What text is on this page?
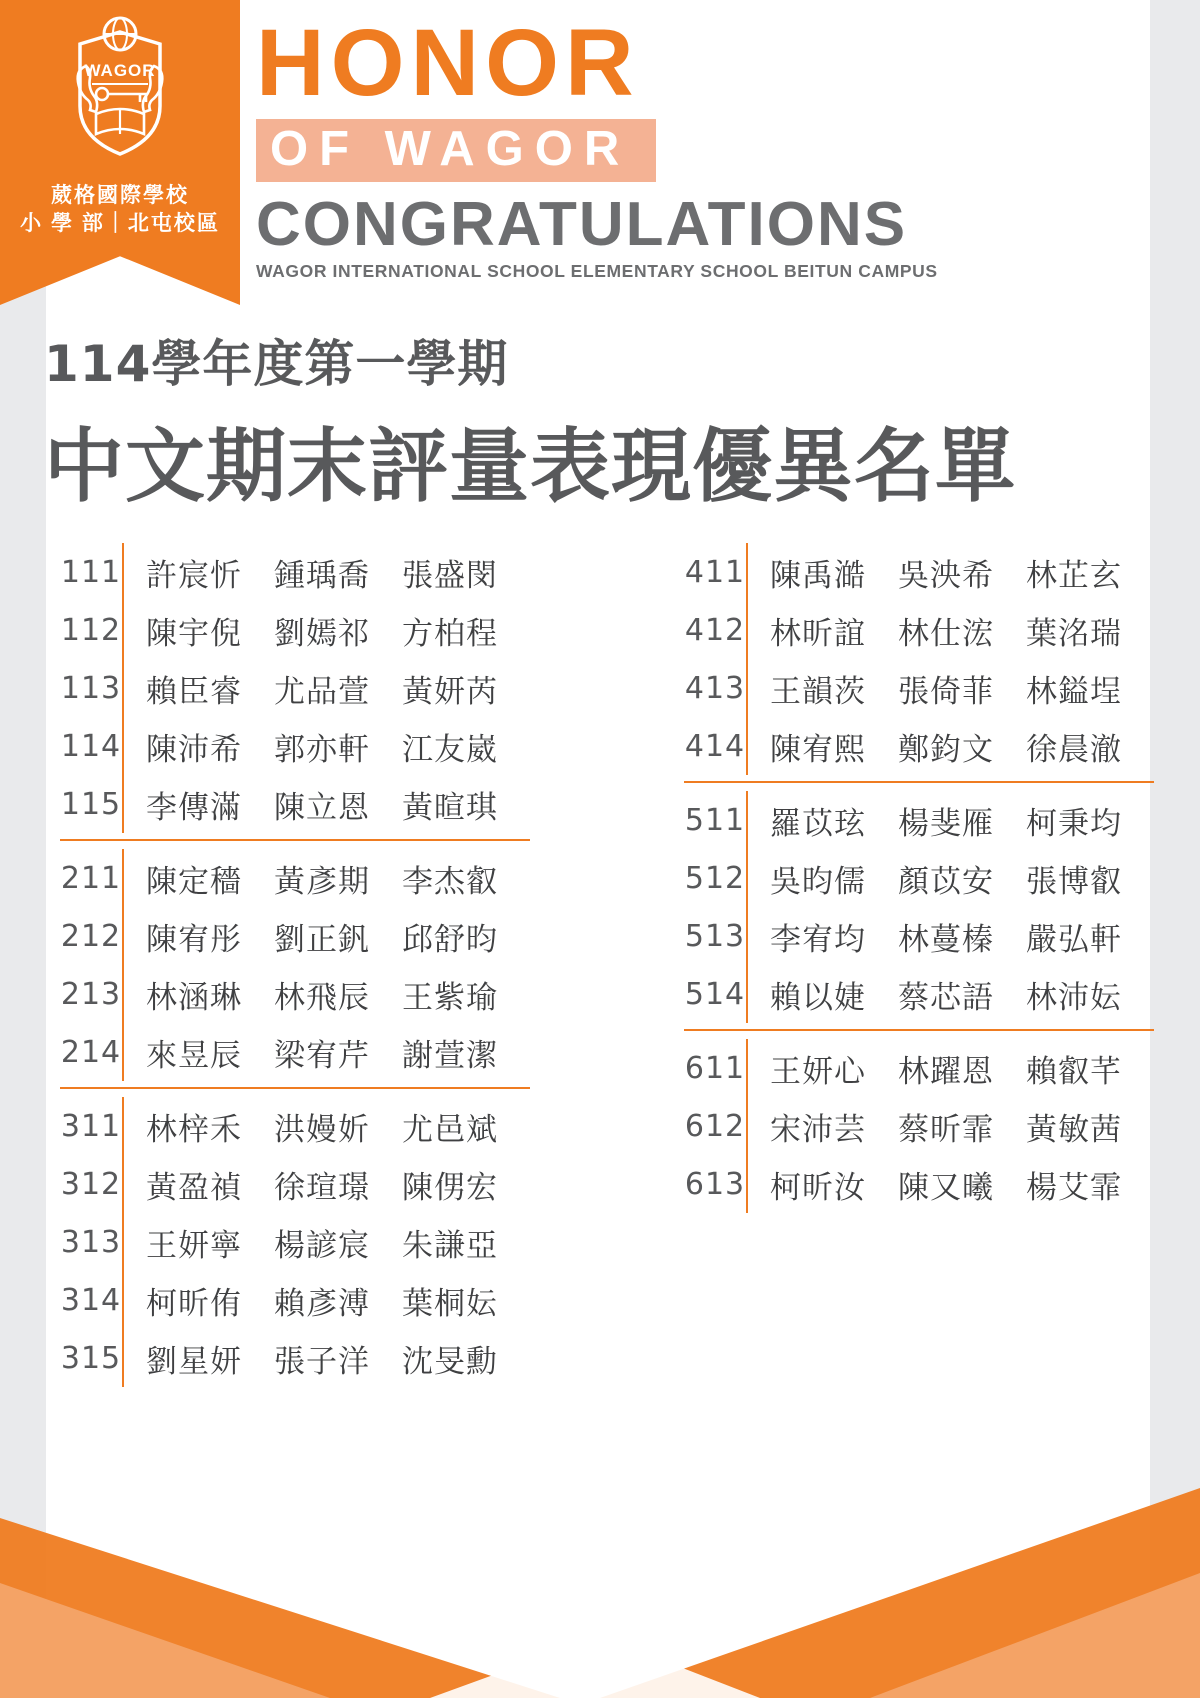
WAGOR
葳格國際學校
小 學 部｜北屯校區
HONOR
OF WAGOR
CONGRATULATIONS
WAGOR INTERNATIONAL SCHOOL ELEMENTARY SCHOOL BEITUN CAMPUS
114學年度第一學期
中文期末評量表現優異名單
111 許宸忻	鍾瑀喬	張盛閔
112 陳宇倪	劉嫣祁	方柏程
113 賴臣睿	尤品萱	黃妍芮
114 陳沛希	郭亦軒	江友崴
115 李傳滿	陳立恩	黃暄琪
211 陳定穡	黃彥期	李杰叡
212 陳宥彤	劉正釩	邱舒昀
213 林涵琳	林飛辰	王紫瑜
214 來昱辰	梁宥芹	謝萱潔
311 林梓禾	洪嫚妡	尤邑斌
312 黃盈禎	徐瑄璟	陳侽宏
313 王妍寧	楊諺宸	朱謙亞
314 柯昕侑	賴彥溥	葉桐妘
315 劉星妍	張子洋	沈旻勳
411 陳禹澔	吳泱希	林芷玄
412 林昕誼	林仕浤	葉洺瑞
413 王韻茨	張倚菲	林鎰埕
414 陳宥熙	鄭鈞文	徐晨澈
511 羅苡玹	楊斐雁	柯秉均
512 吳昀儒	顏苡安	張博叡
513 李宥均	林蔓榛	嚴弘軒
514 賴以婕	蔡芯語	林沛妘
611 王妍心	林躍恩	賴叡芊
612 宋沛芸	蔡昕霏	黃敏茜
613 柯昕汝	陳又曦	楊艾霏
